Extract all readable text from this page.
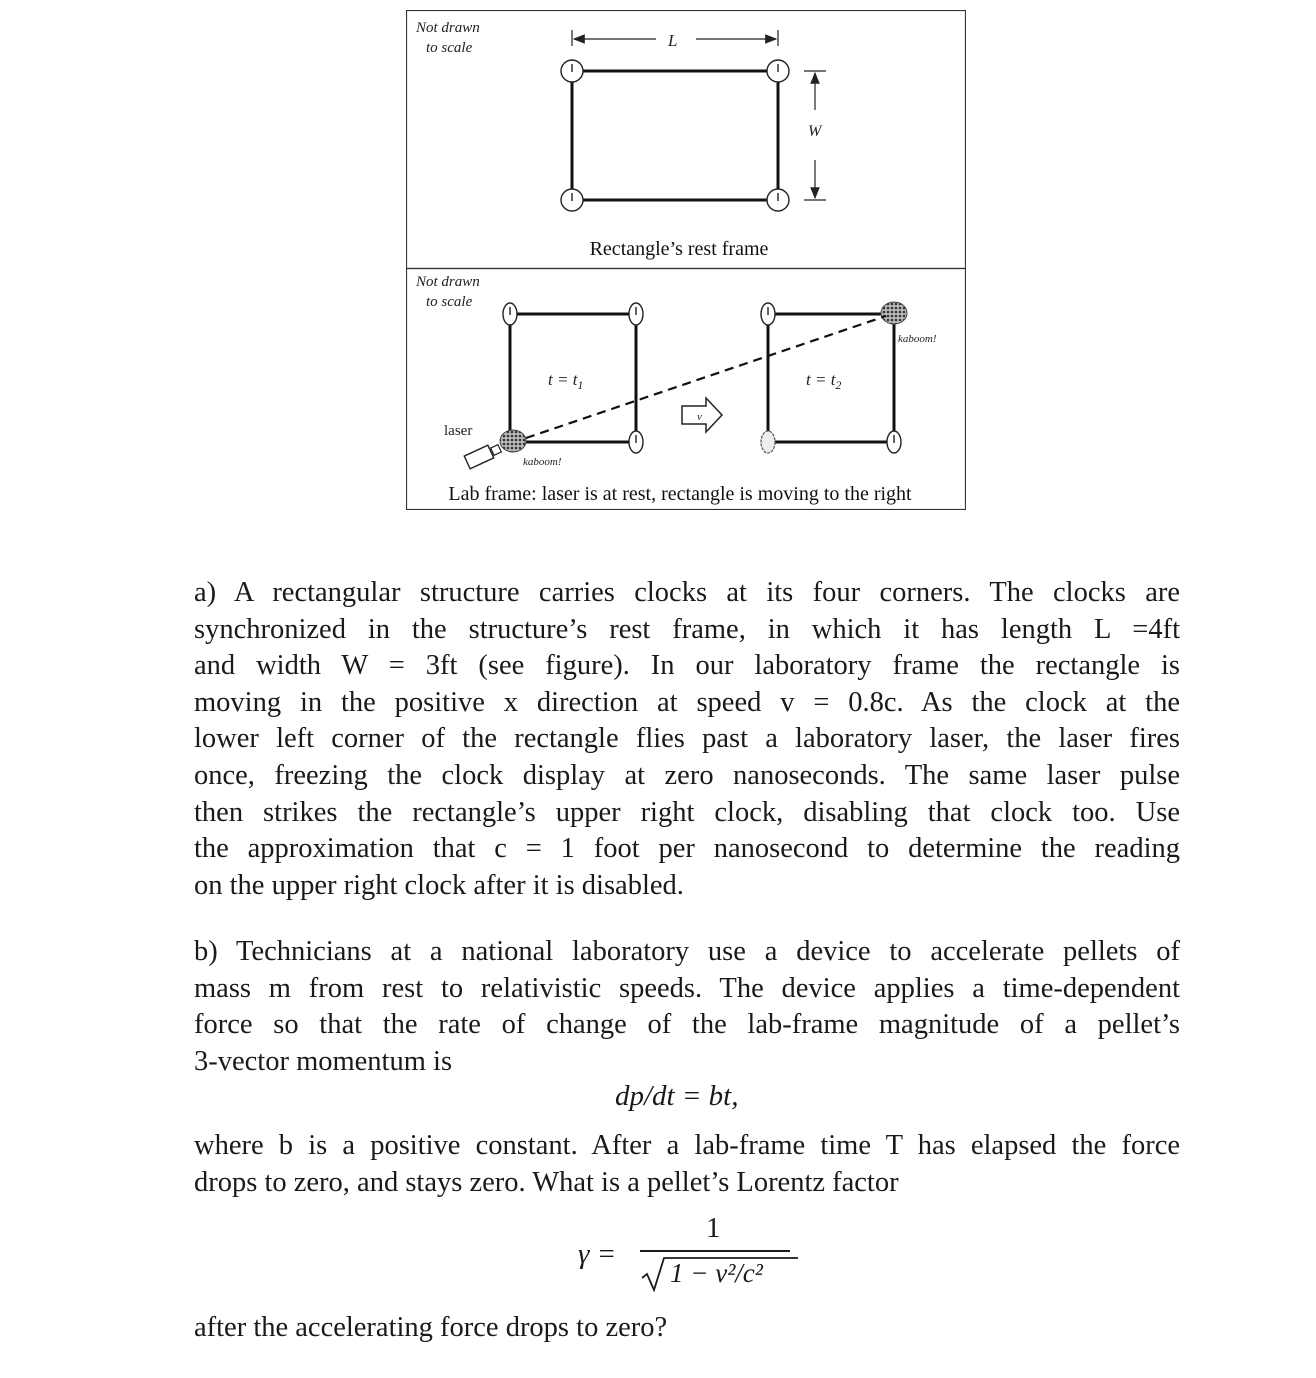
Not drawn
to scale	L
W
Rectangle’s rest frame
Not drawn
to scale
laser
kaboom!
kaboom!
$t = t_1$	$t = t_2$
v
Lab frame: laser is at rest, rectangle is moving to the right
a) A rectangular structure carries clocks at its four corners. The clocks are
synchronized in the structure’s rest frame, in which it has length L =4ft
and width W = 3ft (see figure). In our laboratory frame the rectangle is
moving in the positive x direction at speed v = 0.8c. As the clock at the
lower left corner of the rectangle flies past a laboratory laser, the laser fires
once, freezing the clock display at zero nanoseconds. The same laser pulse
then strikes the rectangle’s upper right clock, disabling that clock too. Use
the approximation that c = 1 foot per nanosecond to determine the reading
on the upper right clock after it is disabled.
b) Technicians at a national laboratory use a device to accelerate pellets of
mass m from rest to relativistic speeds. The device applies a time-dependent
force so that the rate of change of the lab-frame magnitude of a pellet’s
3-vector momentum is
dp/dt = bt,
where b is a positive constant. After a lab-frame time T has elapsed the force
drops to zero, and stays zero. What is a pellet’s Lorentz factor
γ =
1
1 − v²/c²
after the accelerating force drops to zero?
